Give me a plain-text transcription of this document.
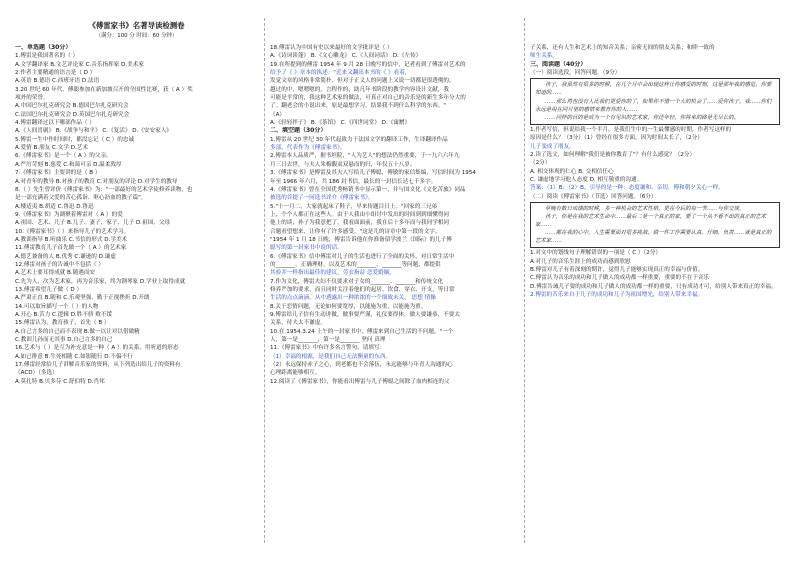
《傅雷家书》名著导读检测卷
（满分：100 分 时间：60 分钟）

一、单选题（30分）

1.傅雷是我国著名的（ ）

A.文学翻译家 B.文艺评论家 C.音乐指挥家 D.美术家

2.作者主要精通的语言是（ D ）

A.英语 B.德语 C.西班牙语 D.法语

3.20 世纪 60 年代，傅聪参加在新加坡召开的全国性比赛，获（ A ）奖

项外的荣誉。

A.中国巴尔扎克研究会 B.德国巴尔扎克研究会

C.法国巴尔扎克研究会 D.英国巴尔扎克研究会

4.傅雷翻译过以下哪部作品（ ）

A.《人间喜剧》 B.《战争与和平》 C.《复活》 D.《安安家人》

5.傅雷一生中作时间时，都没忘记（ C ）的忠诚

A.爱情 B.朋友 C.文学 D.艺术

6.《傅雷家书》是一个（ A ）的父亲。

A.严厉苛刻 B.慈爱 C.和蔼可亲 D.温柔敦厚

7.《傅雷家书》主要讲的是（ B ）

A.对青年的教导 B.对孩子的教育 C.对朋友的评论 D.对学生的教导

8.（ ）先生曾评价《傅雷家书》为："一部最好的艺术学徒修养读物，也

是一部充满着父爱的苦心孤诣、呕心沥血的教子篇"。

A.楼适夷 B.胡适 C.鲁迅 D.鲁迅

9.《傅雷家书》为湖聚着傅雷对（ A ）的爱

A.祖国、艺术、儿子 B.儿子、妻子、家子、儿子 D.祖国、父母

10.《傅雷家书》（ ）来指导儿子的艺术学习。

A.教训指导 B.听曲乐 C.书信的形式 D.学美术

11.傅雷教育儿子首先做一个（ A ）的艺术家

A.德艺兼备的人 B.优秀 C.谦逊的 D.谦虚

12.傅雷对孩子的告诫中不包括（ ）

A.艺术上要耳得成就 B.随遇而安

C.先为人，次为艺术家，再为音乐家，终为钢琴家 D.学业上取得成就

13.傅雷希望儿子做（ D ）

A.严肃正直 B.随和 C.乐观坚强、勤于正视挫折 D.开朗

14.可以取旨描写一个（ ）的人物

A.开心 B.苦力 C.逻辑 D.胜不骄 败不馁

15.傅雷认为，教育孩子，首先（ B ）

A.自己言多的自己而不表现 B.做一以让对以借做精

C.教训儿孙而无其事 D.自己言多的自己

16.艺术与（ ）是互为补充意是一种（ A ）的关系。用听道的形态

A.如已排意 B.生死相随 C.如影随行 D.不偏不行

17.傅雷经常给儿子讲解音乐家的资料，从下列选出给儿子的资料有

（ACD）（多选）

A.莫扎特 B.贝多芬 C.舒伯特 D.肖邦

18.傅雷认为中国有史以来最好的文学批评是（ ）

A.《诗词谈蓬》 B.《文心雕龙》 C.《人间词话》 D.《左传》

19.在所提到的傅雷 1954 年 9 月 28 日晚写的信中，记者看到了傅雷对艺术的

给予了《 》章本的执述："近来又翻出本书的《 》看着，

发觉文章的风格非常简朴，但对于正义人的问题上又说一切都是很透彻的。

越过的中，嗯嗯嗯的。言程作的，助凡年书阶段的教学内容设计文献，我

可能是平常的，我这种艺术家的做法，可真正对自己的音乐是的新生多年分大的

了。翻老会的小说出来，原是最想学习，结果我不到什么科学的东西。"

（A）

A.《轻轻拌子》 B.《茶馆》 C.《四世同堂》 D.《寓赠》

二、填空题（30分）

1.傅雷从 20 世纪 30 年代起致力于法国文学的翻译工作，生译翻译作品

多部，代表作为《傅雷家书》。

2.傅雷本人品质严，据书坦院，"人为艺人"的想法仍然重要，于一九六六年九

月三日去世，与夫人朱梅馥双双悬而的归，年仅五十八岁。

3.《傅雷家书》是傅雷及其夫人写给儿子傅聪，傅敏的家信集编，写信时间为 1954

年至 1966 年六月，共 186 封书信，最长的一封信长达七千多字。

4.《傅雷家书》曾在全国优秀畅销书中显示第一，并与国文化《文化苦旅》同品

被选的首提了一同选书评介《傅雷家书》。

5."十一月二，大家就起床了鞋子，早来传题目日上。"回家的三兄弟

上，个个人都正在这些人。由于人我由小组讨中发出的时间到到细懂得同

他上的谈，孙子为我意把了，我看面面前，我在后十多年而与我同学相同

合题看望想来，让你有了许多感受。"这是儿的诗章中第一段的文字。

"1954 年 1 月 18 日晚，傅雷告诉他在你准备留学波兰（国际）的儿子傅

聪写的第一封家书中说的话。

6.《傅雷家书》信中傅雷对儿子的生活也进行了全面的关怀，对日常生活中

的_______，正确理财，以及艺术的_______、_______等问题，都提供

其验并一样指出最佳的建议。劳衣指益 恋爱婚姻。

7.作为文化，傅雷夫妇不仅要求对子女的_______、_______和传统文化

修养严加的要求，而且同时关注着他们的起居、饮食、穿衣、开支，等日常

生活的点点滴滴，从中透露出一种浓浓的一个细致未关。 思想 情操

8.关于恋情问题，无论如何要宽厚，以能施为重，以能施为重。

9.傅雷给儿子信有生动讲做，做事要严谨，礼仪要得体，做人要谦恭，不要太

关系，待夫太不谦虚。

10.在 1954.3.24 上午的一封家书中，傅雷来到自己生活的不问题，"一个

人，第一是_______，第一是_______ 坚问 真理

11.《傅雷家书》中有许多名言警句，请填写：

（1）幸福的根源，是我们自己无法衡量的东西。

（2）永远保持赤子之心，到老都也不会落伍，永远能够与年青人沟通的心

心理距离能够相互。

12.阅读了《傅雷家书》，你能看出傅雷与儿子傅聪之间除了血肉相连的父

子关系，还有人生和艺术上的知音关系；亲密无间的朋友关系；和睦一致的

师生关系。

三、阅读题（40分）

（一）阅读选段，回答问题。（9分）

孩子，我虽然有很多的时候，在几个月中会出现这样让你感受的时刻，这是那年我的感觉。你要知道的……

……那么再也没有人比我们更爱你的了，如果你不惜一个大的机会了……爱你孩子，我……你们永远是用在同月里的感情来教育你的人……

……同样的目的是成为一个有见识的艺术家，你还年轻，你将来的路是无尽长的。

1.作者写信，但说给我一个半月，是我们生中的一生最懂感的时期，作者写这样的

原因是什么？（3分）（1）曾经在很多方面，因为时间太长了，（2分）

儿子变成了朋友。

2.读了选文，如何理解"我们是被你教育了"？有什么感觉？（2分）

（2分）

A. 相交体现的仁心 B. 交相信任心

C. 谦虚地学习他人态度 D. 相互敬重的沟通。

答案：（1）B；（2）B，引导的是一种：态度谦和、亲切，傅和朝夕关心一样。

（二）阅读《傅雷家书》（节选）回答问题。（6分）

早晚有数日成绩的时候，多一种机会的艺术性格，更在今后的每一节……与你交谈，

孩子，你是在我的艺术生命中……最后二是一个真正的家，要了一个从不看不出的真正的艺术家……

……都在我的心中，人生需要面对很多挑战，做一件工作需要认真、仔细、负责……就是真正的艺术家……

1.对文中的划线句子理解错误的一项是（ C ）（2分）

A.对儿子的音乐生涯上的成功而感到欣慰

B.傅雷对儿子有着深刻的期许，觉得儿子能够实现真正的幸福与价值。

C.傅雷认为音乐的成功和儿子做人的成功都一样重要，重要的不在于音乐

D.傅雷告诫儿子要的成功和儿子做人的成功都一样的重要，只有成功才可，给别人带来真正的幸福。

2.傅雷的苦乐来自于儿子的成功和儿子为祖国增光，给别人带来幸福。
